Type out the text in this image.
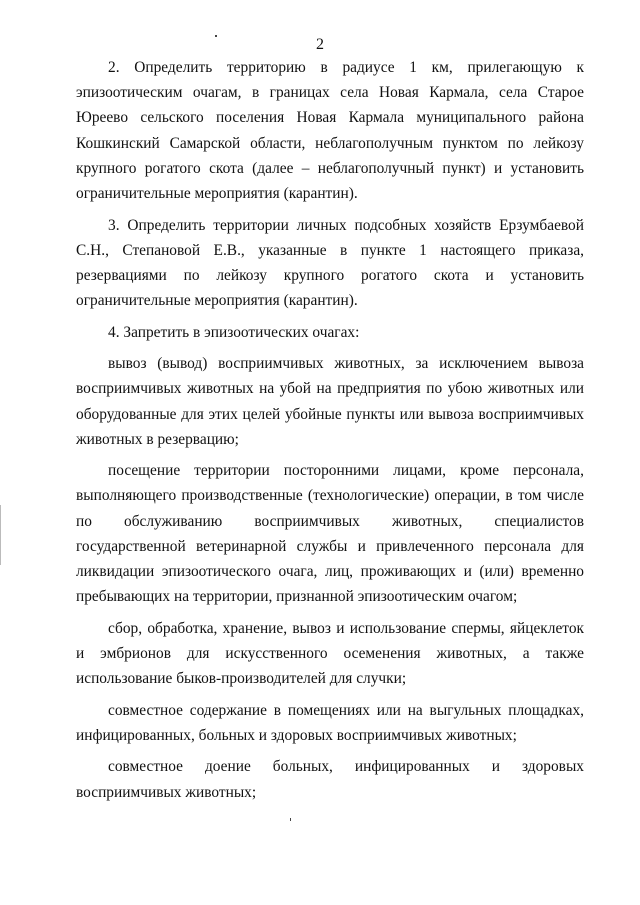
2

2. Определить территорию в радиусе 1 км, прилегающую к эпизоотическим очагам, в границах села Новая Кармала, села Старое Юреево сельского поселения Новая Кармала муниципального района Кошкинский Самарской области, неблагополучным пунктом по лейкозу крупного рогатого скота (далее – неблагополучный пункт) и установить ограничительные мероприятия (карантин).

3. Определить территории личных подсобных хозяйств Ерзумбаевой С.Н., Степановой Е.В., указанные в пункте 1 настоящего приказа, резервациями по лейкозу крупного рогатого скота и установить ограничительные мероприятия (карантин).

4. Запретить в эпизоотических очагах:

вывоз (вывод) восприимчивых животных, за исключением вывоза восприимчивых животных на убой на предприятия по убою животных или оборудованные для этих целей убойные пункты или вывоза восприимчивых животных в резервацию;

посещение территории посторонними лицами, кроме персонала, выполняющего производственные (технологические) операции, в том числе по обслуживанию восприимчивых животных, специалистов государственной ветеринарной службы и привлеченного персонала для ликвидации эпизоотического очага, лиц, проживающих и (или) временно пребывающих на территории, признанной эпизоотическим очагом;

сбор, обработка, хранение, вывоз и использование спермы, яйцеклеток и эмбрионов для искусственного осеменения животных, а также использование быков-производителей для случки;

совместное содержание в помещениях или на выгульных площадках, инфицированных, больных и здоровых восприимчивых животных;

совместное доение больных, инфицированных и здоровых восприимчивых животных;
